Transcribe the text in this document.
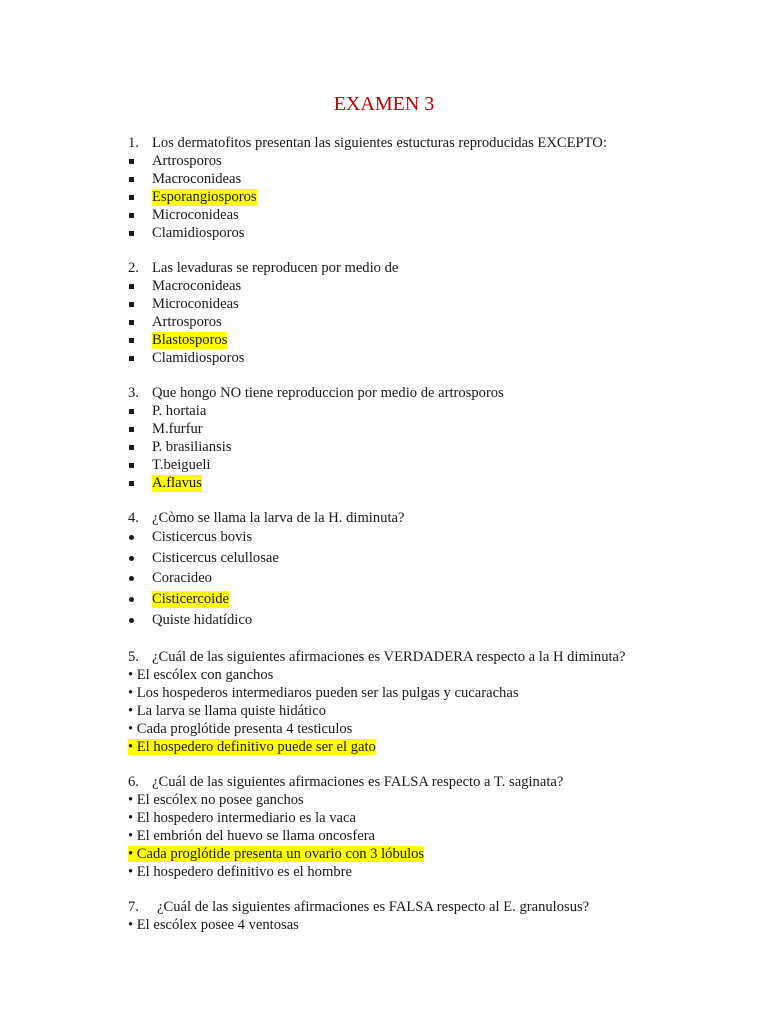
EXAMEN 3
1. Los dermatofitos presentan las siguientes estucturas reproducidas EXCEPTO:
Artrosporos
Macroconideas
Esporangiosporos
Microconideas
Clamidiosporos
2. Las levaduras se reproducen por medio de
Macroconideas
Microconideas
Artrosporos
Blastosporos
Clamidiosporos
3. Que hongo NO tiene reproduccion por medio de artrosporos
P. hortaia
M.furfur
P. brasiliansis
T.beigueli
A.flavus
4. ¿Còmo se llama la larva de la H. diminuta?
Cisticercus bovis
Cisticercus celullosae
Coracideo
Cisticercoide
Quiste hidatídico
5. ¿Cuál de las siguientes afirmaciones es VERDADERA respecto a la H diminuta?
• El escólex con ganchos
• Los hospederos intermediaros pueden ser las pulgas y cucarachas
• La larva se llama quiste hidático
• Cada proglótide presenta 4 testiculos
• El hospedero definitivo puede ser el gato
6. ¿Cuál de las siguientes afirmaciones es FALSA respecto a T. saginata?
• El escólex no posee ganchos
• El hospedero intermediario es la vaca
• El embrión del huevo se llama oncosfera
• Cada proglótide presenta un ovario con 3 lóbulos
• El hospedero definitivo es el hombre
7.	¿Cuál de las siguientes afirmaciones es FALSA respecto al E. granulosus?
• El escólex posee 4 ventosas
